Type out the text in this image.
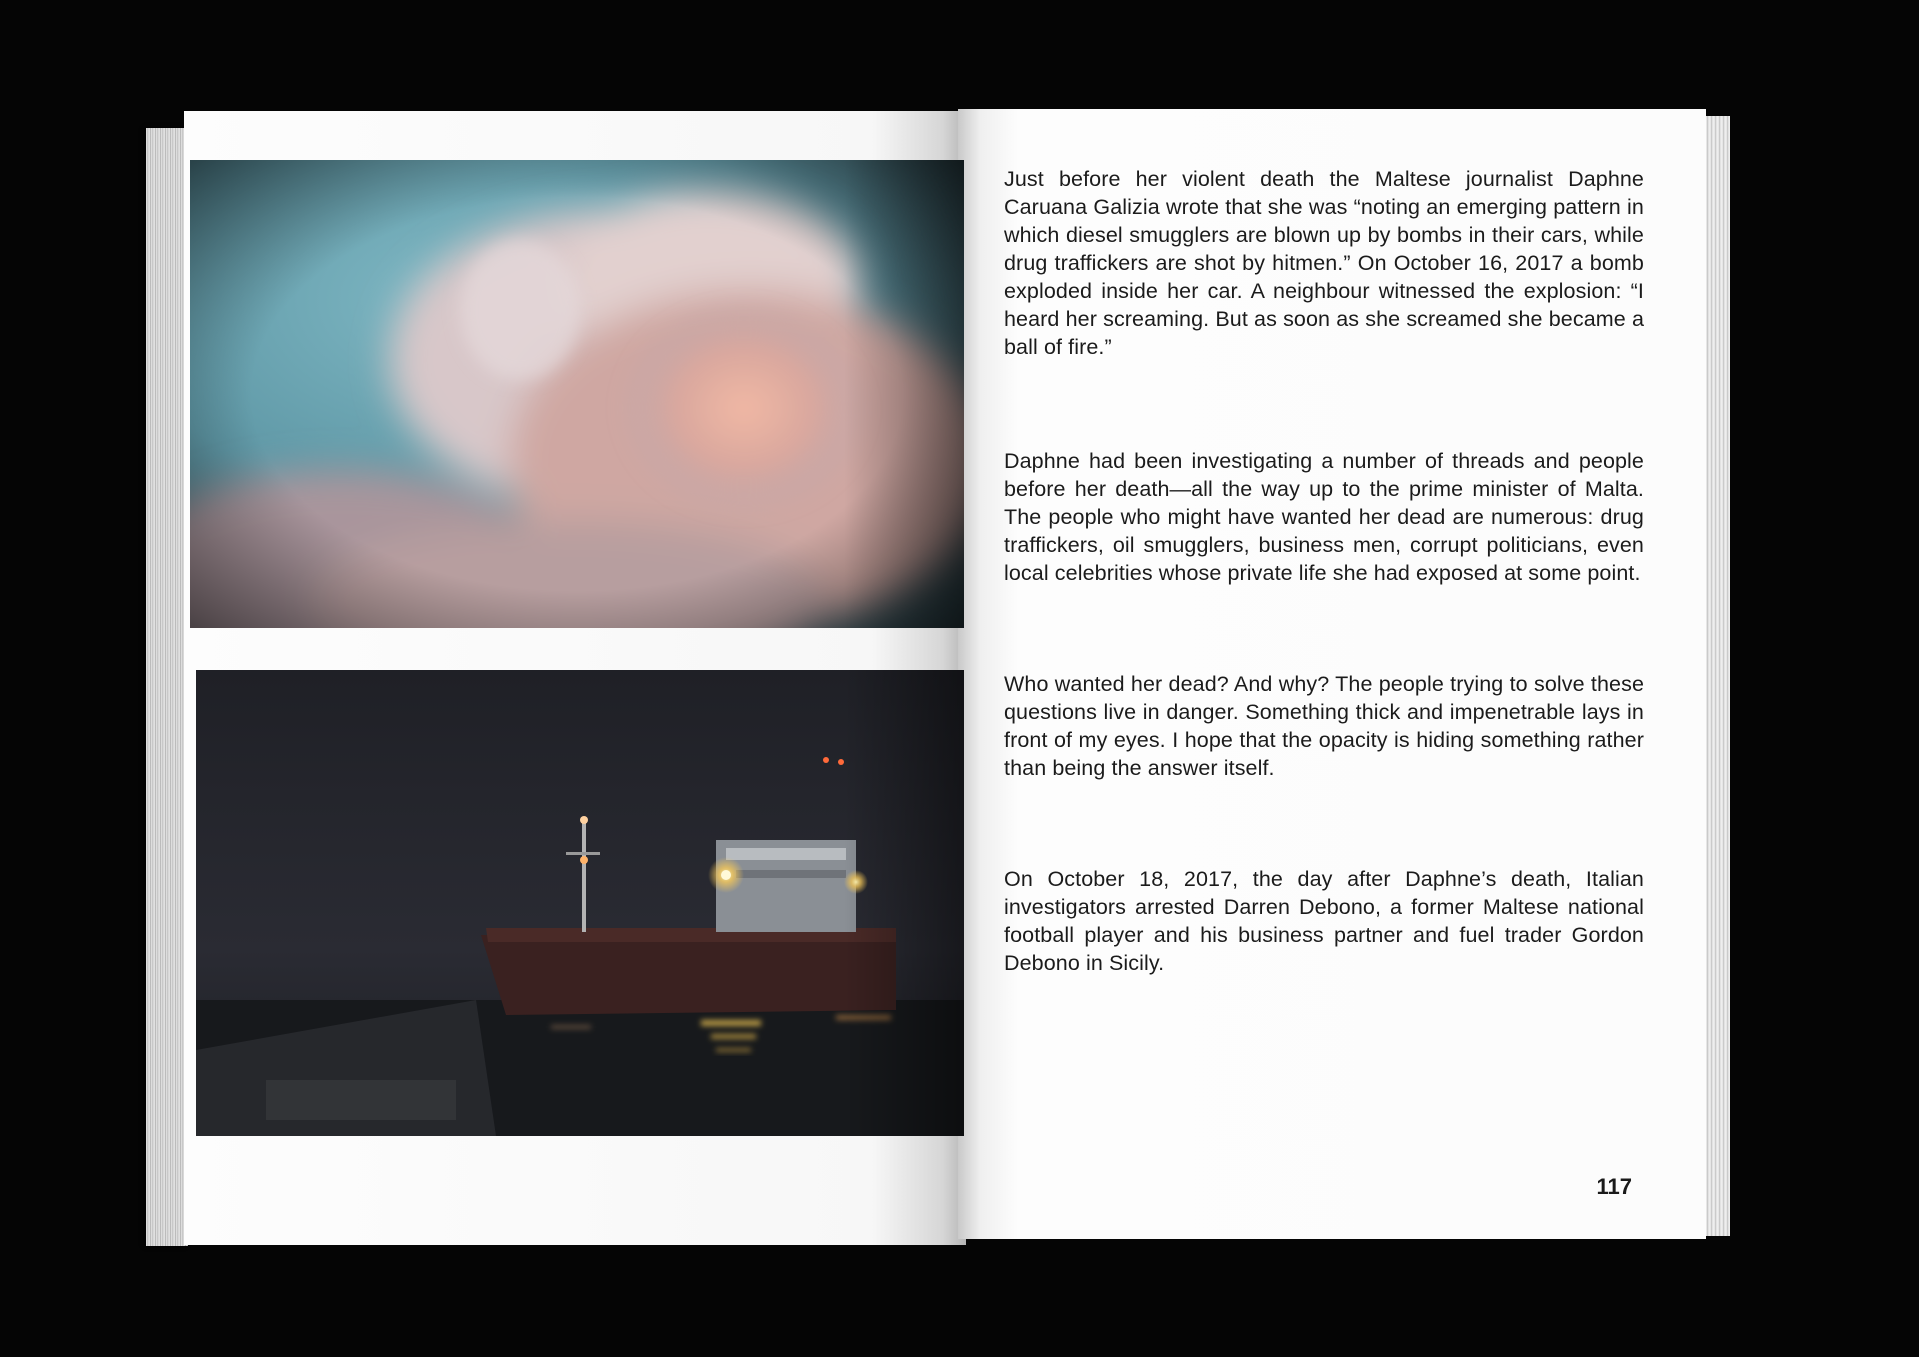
Just before her violent death the Maltese journalist Daphne Caruana Galizia wrote that she was “noting an emerging pattern in which diesel smugglers are blown up by bombs in their cars, while drug traffickers are shot by hitmen.” On October 16, 2017 a bomb exploded inside her car. A neighbour witnessed the explosion: “I heard her screaming. But as soon as she screamed she became a ball of fire.”
Daphne had been investigating a number of threads and people before her death—all the way up to the prime minister of Malta. The people who might have wanted her dead are numerous: drug traffickers, oil smugglers, business men, corrupt politicians, even local celebrities whose private life she had exposed at some point.
Who wanted her dead? And why? The people trying to solve these questions live in danger. Something thick and impenetrable lays in front of my eyes. I hope that the opacity is hiding something rather than being the answer itself.
On October 18, 2017, the day after Daphne’s death, Italian investigators arrested Darren Debono, a former Maltese national football player and his business partner and fuel trader Gordon Debono in Sicily.
117
